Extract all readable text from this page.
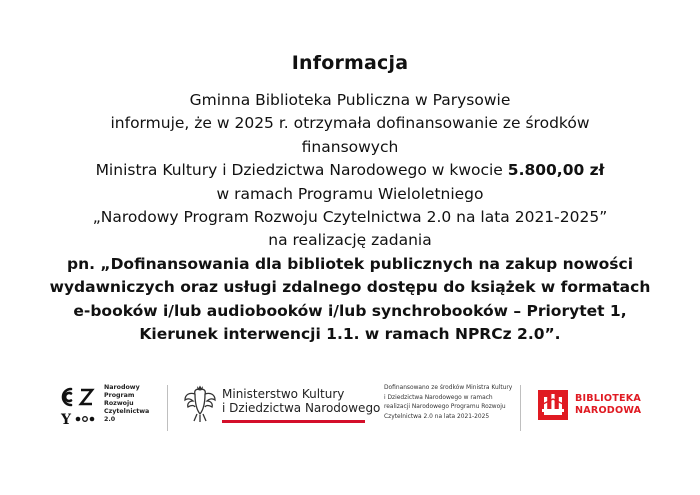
Informacja
Gminna Biblioteka Publiczna w Parysowie
informuje, że w 2025 r. otrzymała dofinansowanie ze środków
finansowych
Ministra Kultury i Dziedzictwa Narodowego w kwocie 5.800,00 zł
w ramach Programu Wieloletniego
„Narodowy Program Rozwoju Czytelnictwa 2.0 na lata 2021-2025”
na realizację zadania
pn. „Dofinansowania dla bibliotek publicznych na zakup nowości
wydawniczych oraz usługi zdalnego dostępu do książek w formatach
e-booków i/lub audiobooków i/lub synchrobooków – Priorytet 1,
Kierunek interwencji 1.1. w ramach NPRCz 2.0”.
Y
Narodowy
Program
Rozwoju
Czytelnictwa
2.0
Ministerstwo Kultury
i Dziedzictwa Narodowego
Dofinansowano ze środków Ministra Kultury
i Dziedzictwa Narodowego w ramach
realizacji Narodowego Programu Rozwoju
Czytelnictwa 2.0 na lata 2021-2025
BIBLIOTEKA
NARODOWA
